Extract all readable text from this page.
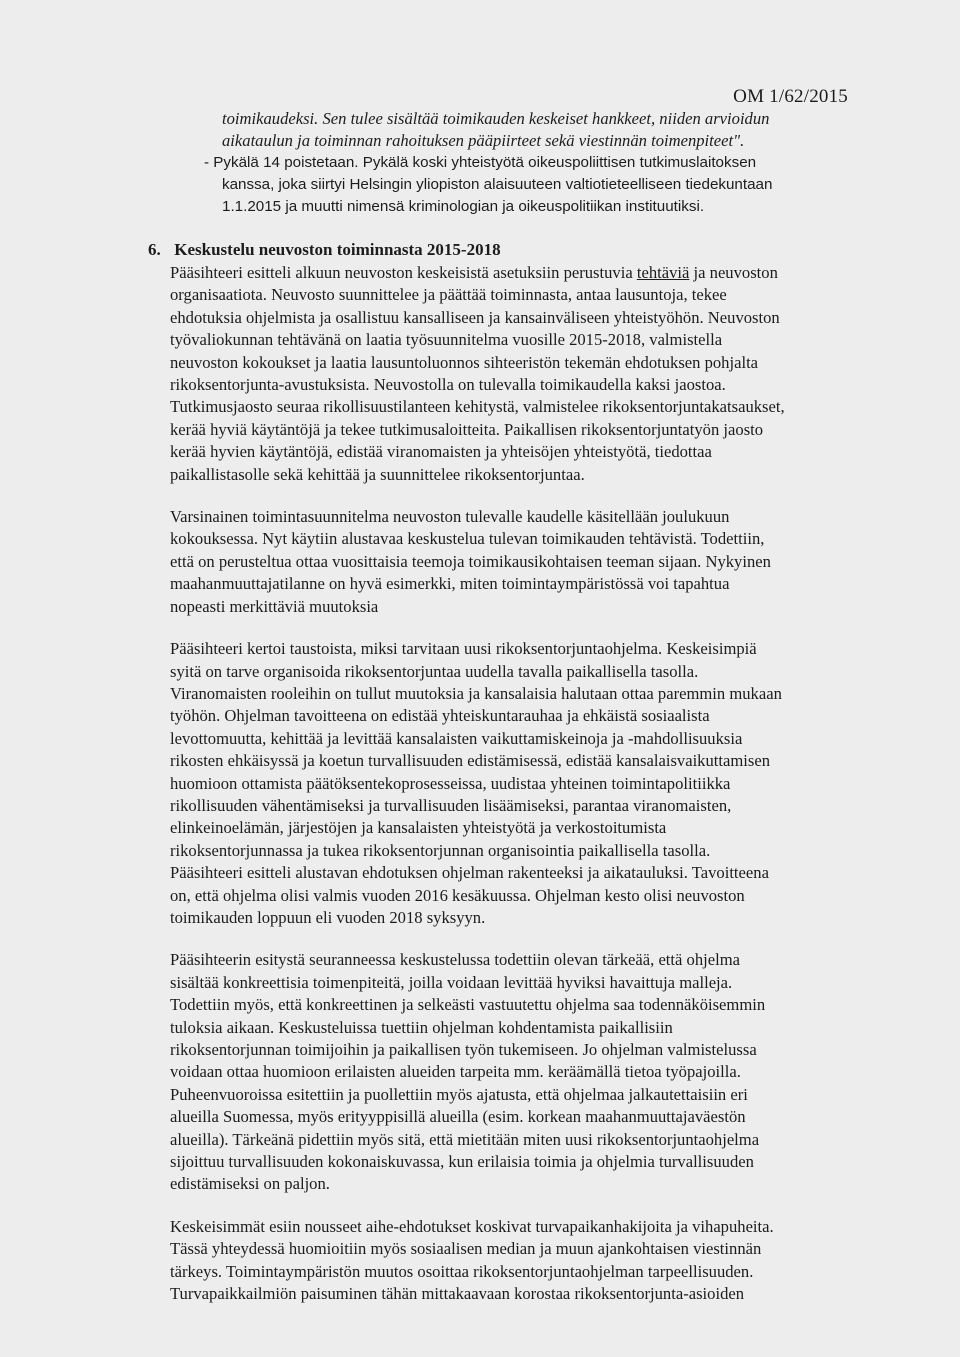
OM 1/62/2015
toimikaudeksi. Sen tulee sisältää toimikauden keskeiset hankkeet, niiden arvioidun
aikataulun ja toiminnan rahoituksen pääpiirteet sekä viestinnän toimenpiteet".
- Pykälä 14 poistetaan. Pykälä koski yhteistyötä oikeuspoliittisen tutkimuslaitoksen
kanssa, joka siirtyi Helsingin yliopiston alaisuuteen valtiotieteelliseen tiedekuntaan
1.1.2015 ja muutti nimensä kriminologian ja oikeuspolitiikan instituutiksi.
6. Keskustelu neuvoston toiminnasta 2015-2018

Pääsihteeri esitteli alkuun neuvoston keskeisistä asetuksiin perustuvia tehtäviä ja neuvoston
organisaatiota. Neuvosto suunnittelee ja päättää toiminnasta, antaa lausuntoja, tekee
ehdotuksia ohjelmista ja osallistuu kansalliseen ja kansainväliseen yhteistyöhön. Neuvoston
työvaliokunnan tehtävänä on laatia työsuunnitelma vuosille 2015-2018, valmistella
neuvoston kokoukset ja laatia lausuntoluonnos sihteeristön tekemän ehdotuksen pohjalta
rikoksentorjunta-avustuksista. Neuvostolla on tulevalla toimikaudella kaksi jaostoa.
Tutkimusjaosto seuraa rikollisuustilanteen kehitystä, valmistelee rikoksentorjuntakatsaukset,
kerää hyviä käytäntöjä ja tekee tutkimusaloitteita. Paikallisen rikoksentorjuntatyön jaosto
kerää hyvien käytäntöjä, edistää viranomaisten ja yhteisöjen yhteistyötä, tiedottaa
paikallistasolle sekä kehittää ja suunnittelee rikoksentorjuntaa.

Varsinainen toimintasuunnitelma neuvoston tulevalle kaudelle käsitellään joulukuun
kokouksessa. Nyt käytiin alustavaa keskustelua tulevan toimikauden tehtävistä. Todettiin,
että on perusteltua ottaa vuosittaisia teemoja toimikausikohtaisen teeman sijaan. Nykyinen
maahanmuuttajatilanne on hyvä esimerkki, miten toimintaympäristössä voi tapahtua
nopeasti merkittäviä muutoksia

Pääsihteeri kertoi taustoista, miksi tarvitaan uusi rikoksentorjuntaohjelma. Keskeisimpiä
syitä on tarve organisoida rikoksentorjuntaa uudella tavalla paikallisella tasolla.
Viranomaisten rooleihin on tullut muutoksia ja kansalaisia halutaan ottaa paremmin mukaan
työhön. Ohjelman tavoitteena on edistää yhteiskuntarauhaa ja ehkäistä sosiaalista
levottomuutta, kehittää ja levittää kansalaisten vaikuttamiskeinoja ja -mahdollisuuksia
rikosten ehkäisyssä ja koetun turvallisuuden edistämisessä, edistää kansalaisvaikuttamisen
huomioon ottamista päätöksentekoprosesseissa, uudistaa yhteinen toimintapolitiikka
rikollisuuden vähentämiseksi ja turvallisuuden lisäämiseksi, parantaa viranomaisten,
elinkeinoelämän, järjestöjen ja kansalaisten yhteistyötä ja verkostoitumista
rikoksentorjunnassa ja tukea rikoksentorjunnan organisointia paikallisella tasolla.
Pääsihteeri esitteli alustavan ehdotuksen ohjelman rakenteeksi ja aikatauluksi. Tavoitteena
on, että ohjelma olisi valmis vuoden 2016 kesäkuussa. Ohjelman kesto olisi neuvoston
toimikauden loppuun eli vuoden 2018 syksyyn.

Pääsihteerin esitystä seuranneessa keskustelussa todettiin olevan tärkeää, että ohjelma
sisältää konkreettisia toimenpiteitä, joilla voidaan levittää hyviksi havaittuja malleja.
Todettiin myös, että konkreettinen ja selkeästi vastuutettu ohjelma saa todennäköisemmin
tuloksia aikaan. Keskusteluissa tuettiin ohjelman kohdentamista paikallisiin
rikoksentorjunnan toimijoihin ja paikallisen työn tukemiseen. Jo ohjelman valmistelussa
voidaan ottaa huomioon erilaisten alueiden tarpeita mm. keräämällä tietoa työpajoilla.
Puheenvuoroissa esitettiin ja puollettiin myös ajatusta, että ohjelmaa jalkautettaisiin eri
alueilla Suomessa, myös erityyppisillä alueilla (esim. korkean maahanmuuttajaväestön
alueilla). Tärkeänä pidettiin myös sitä, että mietitään miten uusi rikoksentorjuntaohjelma
sijoittuu turvallisuuden kokonaiskuvassa, kun erilaisia toimia ja ohjelmia turvallisuuden
edistämiseksi on paljon.

Keskeisimmät esiin nousseet aihe-ehdotukset koskivat turvapaikanhakijoita ja vihapuheita.
Tässä yhteydessä huomioitiin myös sosiaalisen median ja muun ajankohtaisen viestinnän
tärkeys. Toimintaympäristön muutos osoittaa rikoksentorjuntaohjelman tarpeellisuuden.
Turvapaikkailmiön paisuminen tähän mittakaavaan korostaa rikoksentorjunta-asioiden
